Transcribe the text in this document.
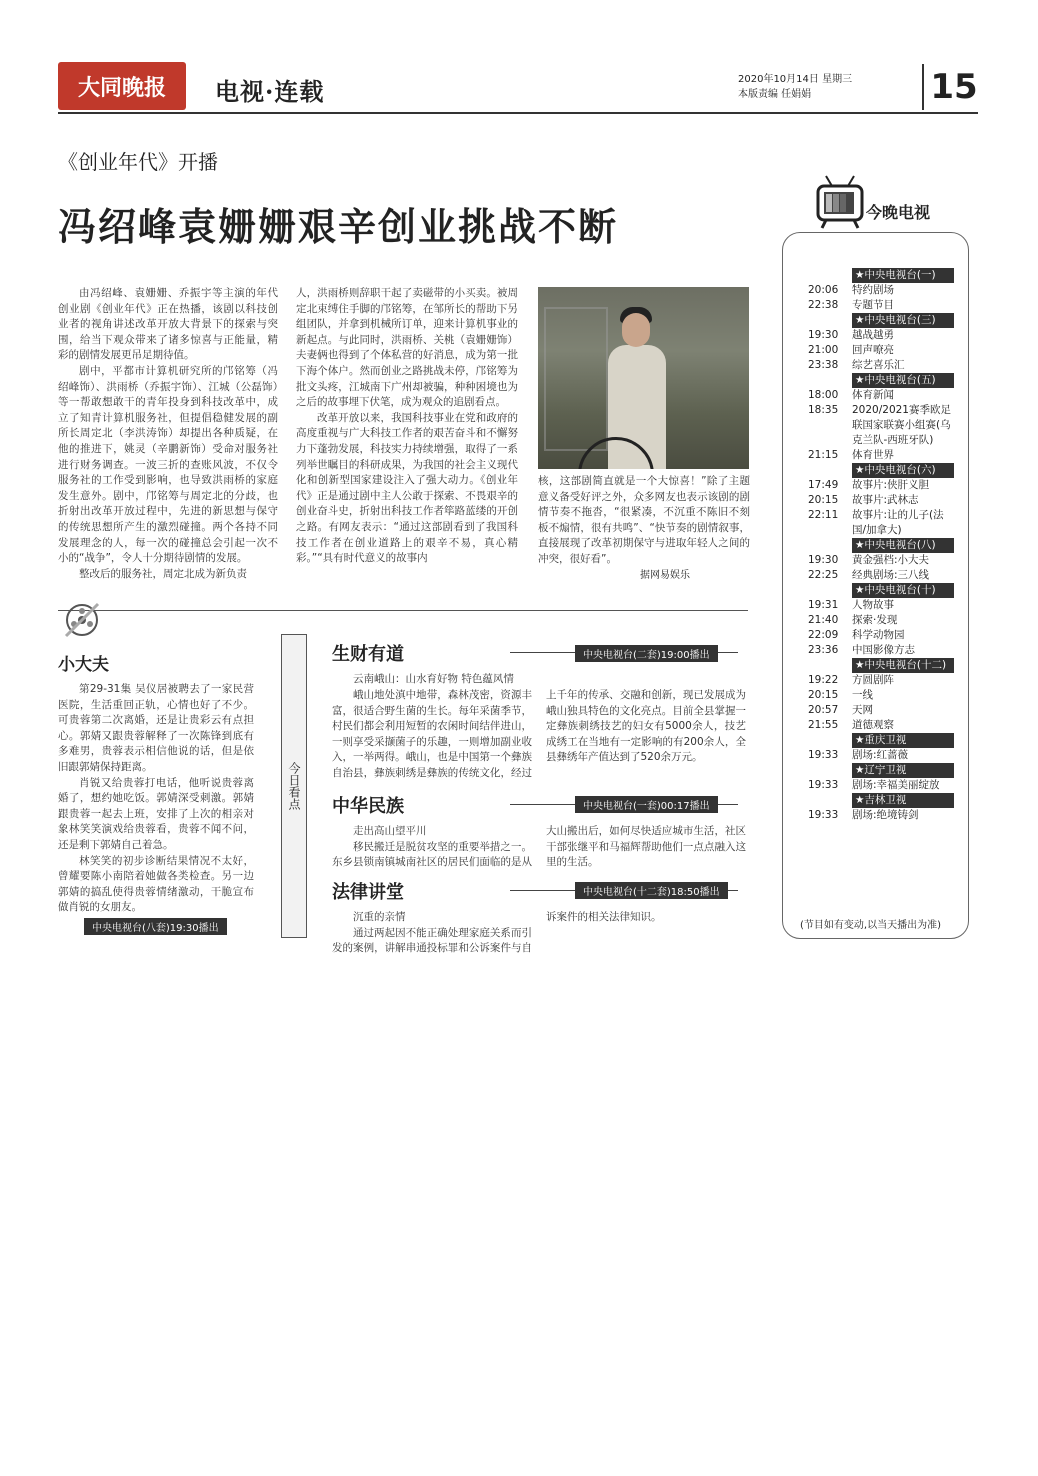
大同晚报	电视·连载	2020年10月14日 星期三
本版责编 任娟娟	15
《创业年代》开播
冯绍峰袁姗姗艰辛创业挑战不断

由冯绍峰、袁姗姗、乔振宇等主演的年代创业剧《创业年代》正在热播，该剧以科技创业者的视角讲述改革开放大背景下的探索与突围，给当下观众带来了诸多惊喜与正能量，精彩的剧情发展更吊足期待值。

剧中，平都市计算机研究所的邝铭筹（冯绍峰饰）、洪雨桥（乔振宇饰）、江城（公磊饰）等一帮敢想敢干的青年投身到科技改革中，成立了知青计算机服务社，但提倡稳健发展的副所长周定北（李洪涛饰）却提出各种质疑，在他的推进下，姚灵（辛鹏新饰）受命对服务社进行财务调查。一波三折的查账风波，不仅令服务社的工作受到影响，也导致洪雨桥的家庭发生意外。剧中，邝铭筹与周定北的分歧，也折射出改革开放过程中，先进的新思想与保守的传统思想所产生的激烈碰撞。两个各持不同发展理念的人，每一次的碰撞总会引起一次不小的“战争”，令人十分期待剧情的发展。

整改后的服务社，周定北成为新负责

人，洪雨桥则辞职干起了卖磁带的小买卖。被周定北束缚住手脚的邝铭筹，在邹所长的帮助下另组团队，并拿到机械所订单，迎来计算机事业的新起点。与此同时，洪雨桥、关桃（袁姗姗饰）夫妻俩也得到了个体私营的好消息，成为第一批下海个体户。然而创业之路挑战未停，邝铭筹为批文头疼，江城南下广州却被骗，种种困境也为之后的故事埋下伏笔，成为观众的追剧看点。

改革开放以来，我国科技事业在党和政府的高度重视与广大科技工作者的艰苦奋斗和不懈努力下蓬勃发展，科技实力持续增强，取得了一系列举世瞩目的科研成果，为我国的社会主义现代化和创新型国家建设注入了强大动力。《创业年代》正是通过剧中主人公敢于探索、不畏艰辛的创业奋斗史，折射出科技工作者筚路蓝缕的开创之路。有网友表示：“通过这部剧看到了我国科技工作者在创业道路上的艰辛不易，真心精彩。”“具有时代意义的故事内

核，这部剧简直就是一个大惊喜！”除了主题意义备受好评之外，众多网友也表示该剧的剧情节奏不拖沓，“很紧凑，不沉重不陈旧不刻板不煽情，很有共鸣”、“快节奏的剧情叙事，直接展现了改革初期保守与进取年轻人之间的冲突，很好看”。

据网易娱乐
小大夫

第29-31集 吴仪居被聘去了一家民营医院，生活重回正轨，心情也好了不少。可贵蓉第二次离婚，还是让贵彩云有点担心。郭婧又跟贵蓉解释了一次陈锋到底有多难男，贵蓉表示相信他说的话，但是依旧跟郭婧保持距离。

肖锐又给贵蓉打电话，他听说贵蓉离婚了，想约她吃饭。郭婧深受刺激。郭婧跟贵蓉一起去上班，安排了上次的相亲对象林笑笑演戏给贵蓉看，贵蓉不闻不问，还是剩下郭婧自己着急。

林笑笑的初步诊断结果情况不太好，曾耀要陈小南陪着她做各类检查。另一边郭婧的搞乱使得贵蓉情绪激动，干脆宣布做肖锐的女朋友。

中央电视台(八套)19:30播出
今日看点
生财有道	中央电视台(二套)19:00播出

云南峨山：山水育好物 特色蕴风情

峨山地处滇中地带，森林茂密，资源丰富，很适合野生菌的生长。每年采菌季节，村民们都会利用短暂的农闲时间结伴进山，一则享受采撷菌子的乐趣，一则增加副业收入，一举两得。峨山，也是中国第一个彝族自治县，彝族刺绣是彝族的传统文化，经过上千年的传承、交融和创新，现已发展成为峨山独具特色的文化亮点。目前全县掌握一定彝族刺绣技艺的妇女有5000余人，技艺成绣工在当地有一定影响的有200余人，全县彝绣年产值达到了520余万元。

中华民族	中央电视台(一套)00:17播出

走出高山望平川

移民搬迁是脱贫攻坚的重要举措之一。东乡县锁南镇城南社区的居民们面临的是从大山搬出后，如何尽快适应城市生活，社区干部张继平和马福辉帮助他们一点点融入这里的生活。

法律讲堂	中央电视台(十二套)18:50播出

沉重的亲情

通过两起因不能正确处理家庭关系而引发的案例，讲解串通投标罪和公诉案件与自诉案件的相关法律知识。

今晚电视
★中央电视台(一)
20:06	特约剧场
22:38	专题节目
★中央电视台(三)
19:30	越战越勇
21:00	回声嘹亮
23:38	综艺喜乐汇
★中央电视台(五)
18:00	体育新闻
18:35	2020/2021赛季欧足联国家联赛小组赛(乌克兰队-西班牙队)
21:15	体育世界
★中央电视台(六)
17:49	故事片:侠肝义胆
20:15	故事片:武林志
22:11	故事片:让的儿子(法国/加拿大)
★中央电视台(八)
19:30	黄金强档:小大夫
22:25	经典剧场:三八线
★中央电视台(十)
19:31	人物故事
21:40	探索·发现
22:09	科学动物园
23:36	中国影像方志
★中央电视台(十二)
19:22	方圆剧阵
20:15	一线
20:57	天网
21:55	道德观察
★重庆卫视
19:33	剧场:红蔷薇
★辽宁卫视
19:33	剧场:幸福美丽绽放
★吉林卫视
19:33	剧场:绝境铸剑
(节目如有变动,以当天播出为准)
